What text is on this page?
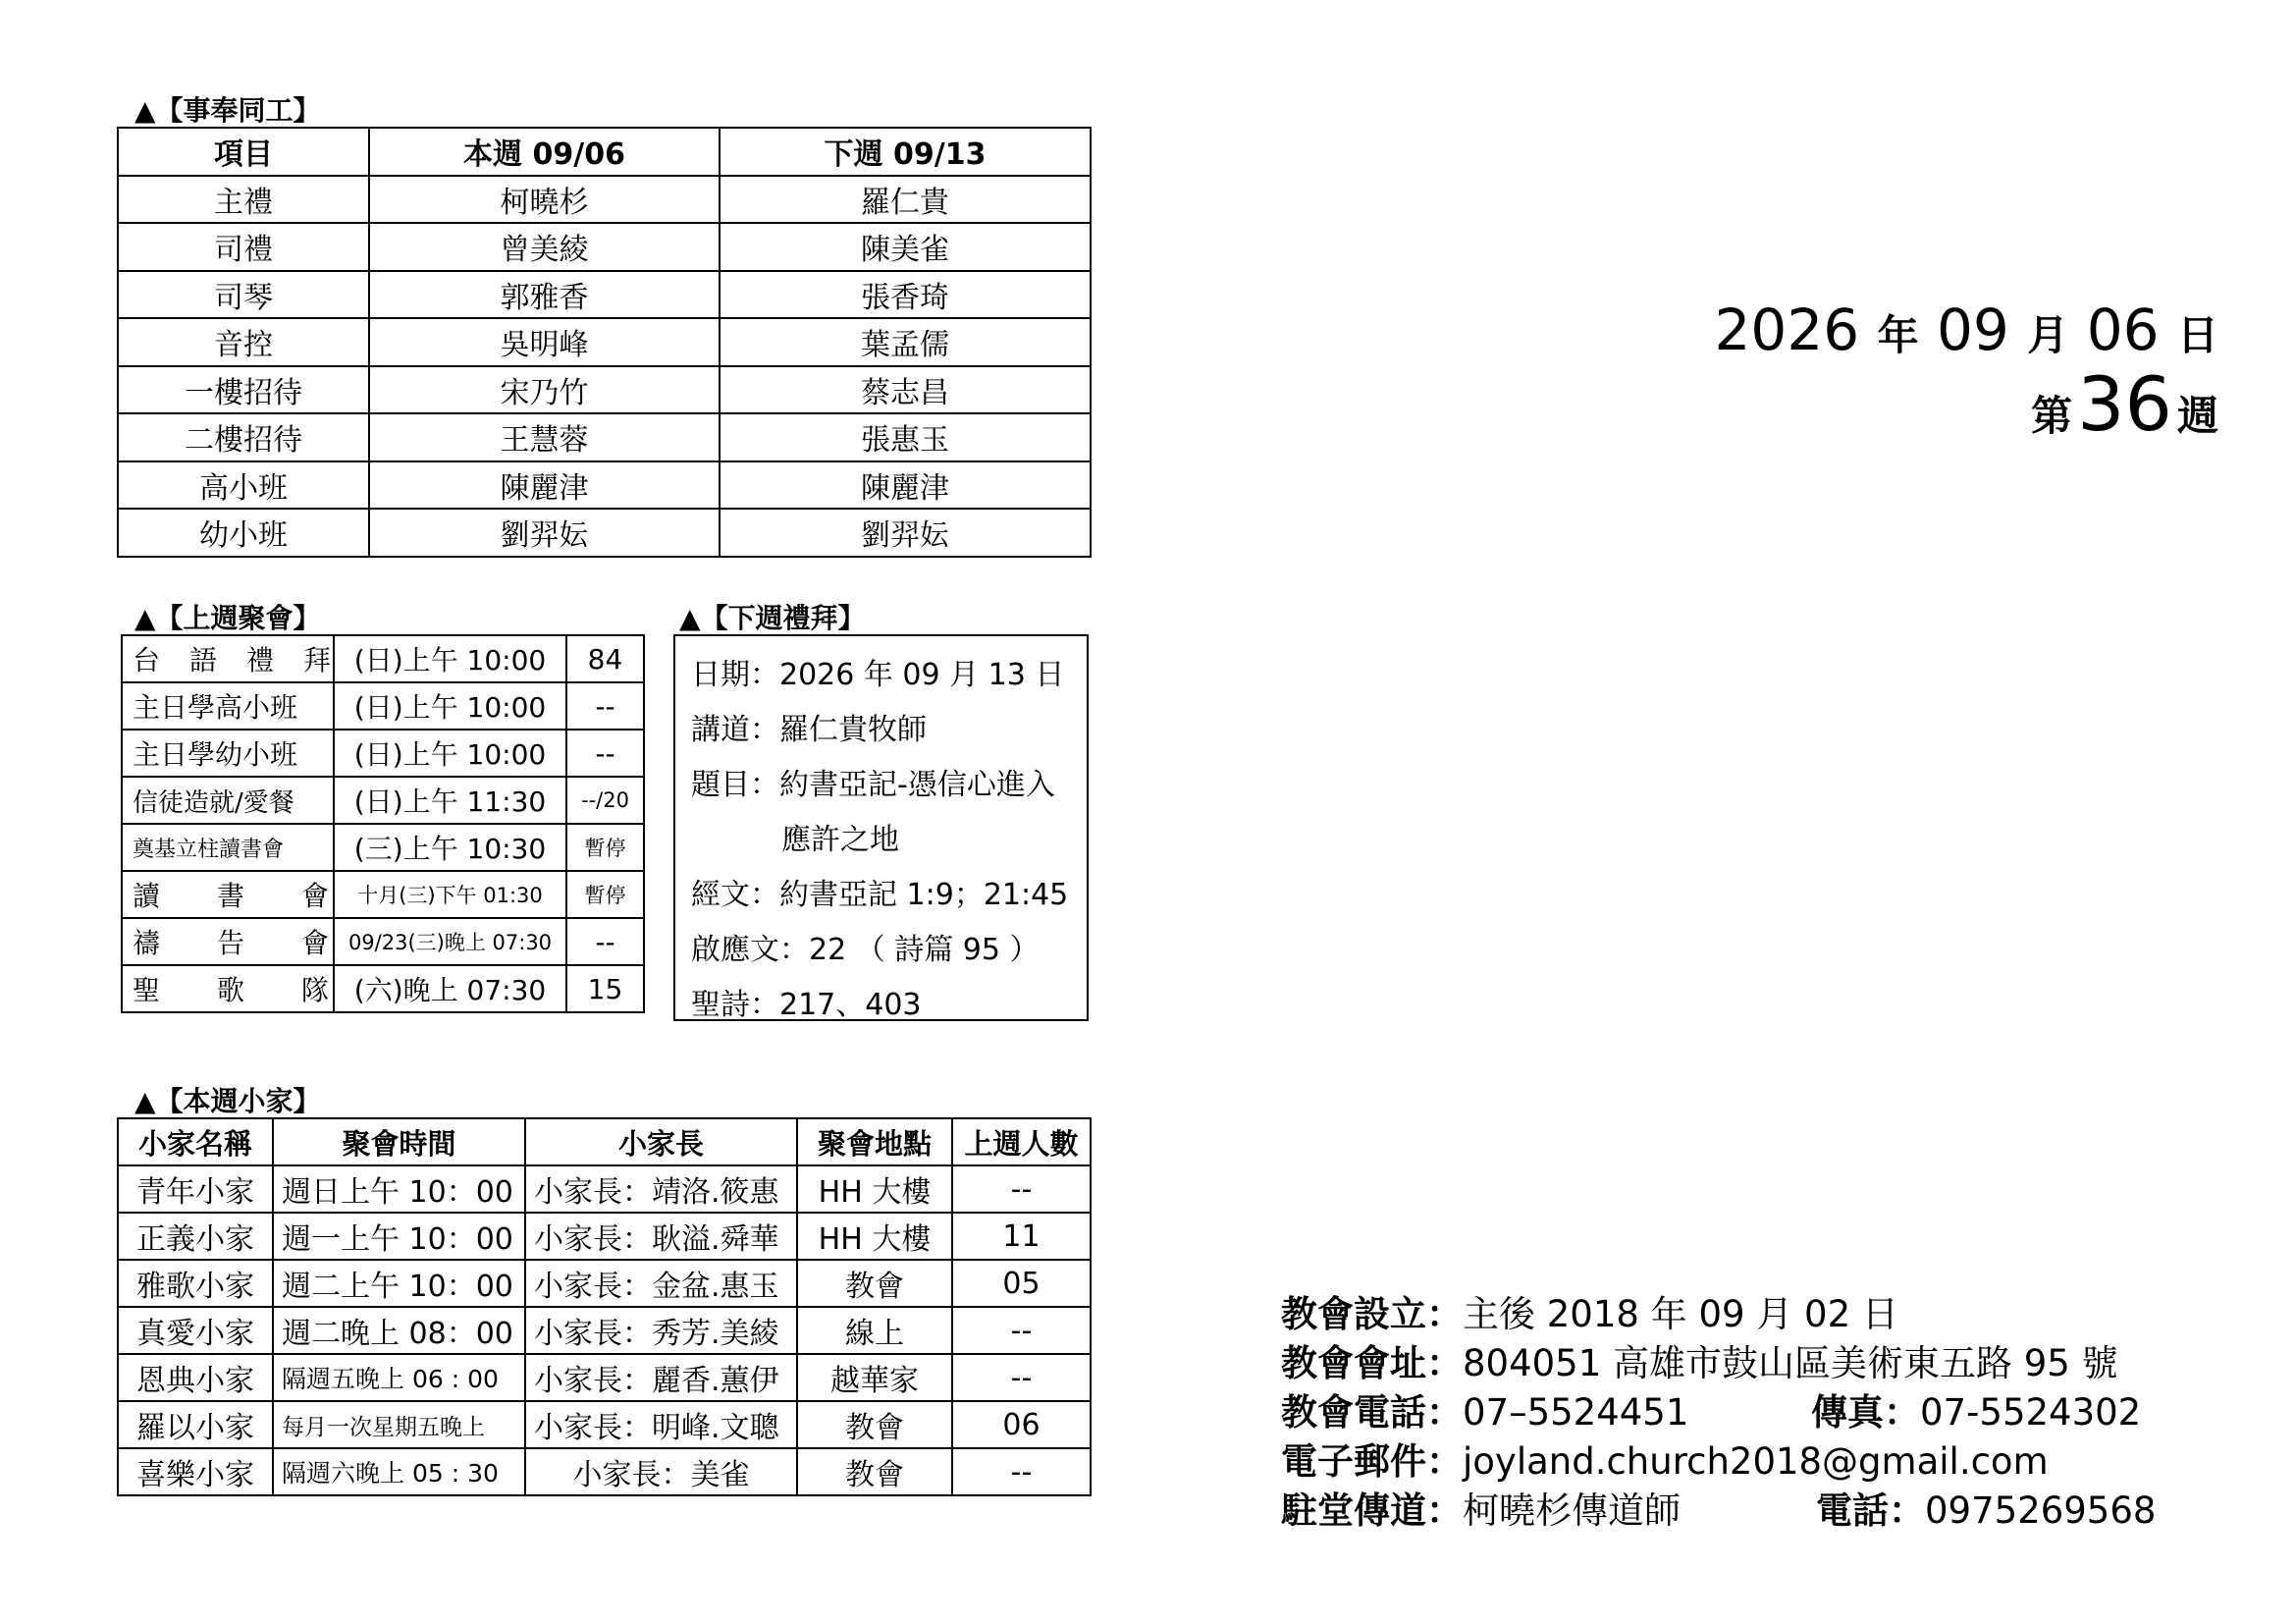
▲【事奉同工】
項目	本週 09/06	下週 09/13
主禮	柯曉杉	羅仁貴
司禮	曾美綾	陳美雀
司琴	郭雅香	張香琦
音控	吳明峰	葉孟儒
一樓招待	宋乃竹	蔡志昌
二樓招待	王慧蓉	張惠玉
高小班	陳麗津	陳麗津
幼小班	劉羿妘	劉羿妘
▲【上週聚會】
台語禮拜	(日)上午 10:00	84
主日學高小班	(日)上午 10:00	--
主日學幼小班	(日)上午 10:00	--
信徒造就/愛餐	(日)上午 11:30	--/20
奠基立柱讀書會	(三)上午 10:30	暫停
讀書會	十月(三)下午 01:30	暫停
禱告會	09/23(三)晚上 07:30	--
聖歌隊	(六)晚上 07:30	15
▲【下週禮拜】
日期：2026 年 09 月 13 日
講道：羅仁貴牧師
題目：約書亞記-憑信心進入
應許之地
經文：約書亞記 1:9；21:45
啟應文：22 （ 詩篇 95 ）
聖詩：217、403
▲【本週小家】
小家名稱	聚會時間	小家長	聚會地點	上週人數
青年小家	週日上午 10：00	小家長：靖洛.筱惠	HH 大樓	--
正義小家	週一上午 10：00	小家長：耿溢.舜華	HH 大樓	11
雅歌小家	週二上午 10：00	小家長：金盆.惠玉	教會	05
真愛小家	週二晚上 08：00	小家長：秀芳.美綾	線上	--
恩典小家	隔週五晚上 06 : 00	小家長：麗香.蕙伊	越華家	--
羅以小家	每月一次星期五晚上	小家長：明峰.文聰	教會	06
喜樂小家	隔週六晚上 05 : 30	小家長：美雀	教會	--
2026 年 09 月 06 日
第 36 週
教會設立：主後 2018 年 09 月 02 日
教會會址：804051 高雄市鼓山區美術東五路 95 號
教會電話：07–5524451	傳真：07-5524302
電子郵件：joyland.church2018@gmail.com
駐堂傳道：柯曉杉傳道師	電話：0975269568
